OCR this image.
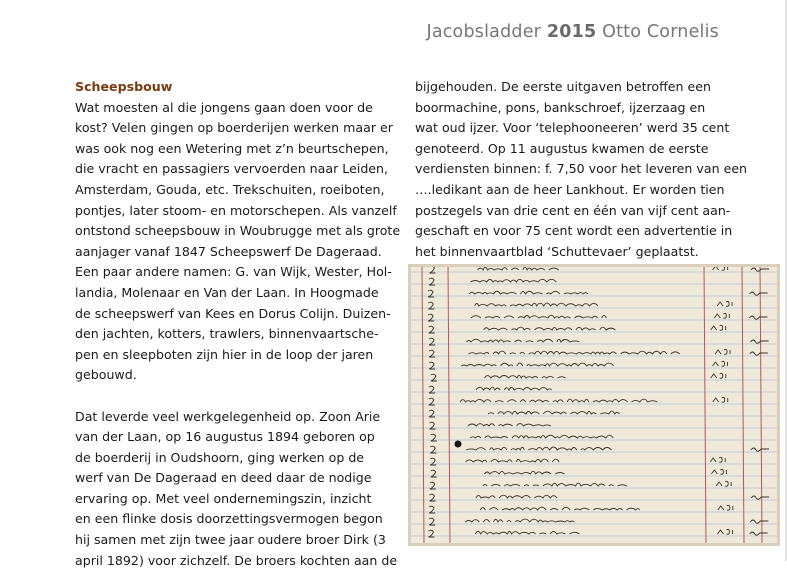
Jacobsladder 2015 Otto Cornelis
Scheepsbouw
Wat moesten al die jongens gaan doen voor de
kost? Velen gingen op boerderijen werken maar er
was ook nog een Wetering met z’n beurtschepen,
die vracht en passagiers vervoerden naar Leiden,
Amsterdam, Gouda, etc. Trekschuiten, roeiboten,
pontjes, later stoom- en motorschepen. Als vanzelf
ontstond scheepsbouw in Woubrugge met als grote
aanjager vanaf 1847 Scheepswerf De Dageraad.
Een paar andere namen: G. van Wijk, Wester, Hol-
landia, Molenaar en Van der Laan. In Hoogmade
de scheepswerf van Kees en Dorus Colijn. Duizen-
den jachten, kotters, trawlers, binnenvaartsche-
pen en sleepboten zijn hier in de loop der jaren
gebouwd.
Dat leverde veel werkgelegenheid op. Zoon Arie
van der Laan, op 16 augustus 1894 geboren op
de boerderij in Oudshoorn, ging werken op de
werf van De Dageraad en deed daar de nodige
ervaring op. Met veel ondernemingszin, inzicht
en een flinke dosis doorzettingsvermogen begon
hij samen met zijn twee jaar oudere broer Dirk (3
april 1892) voor zichzelf. De broers kochten aan de
bijgehouden. De eerste uitgaven betroffen een
boormachine, pons, bankschroef, ijzerzaag en
wat oud ijzer. Voor ‘telephooneeren’ werd 35 cent
genoteerd. Op 11 augustus kwamen de eerste
verdiensten binnen: f. 7,50 voor het leveren van een
….ledikant aan de heer Lankhout. Er worden tien
postzegels van drie cent en één van vijf cent aan-
geschaft en voor 75 cent wordt een advertentie in
het binnenvaartblad ‘Schuttevaer’ geplaatst.
